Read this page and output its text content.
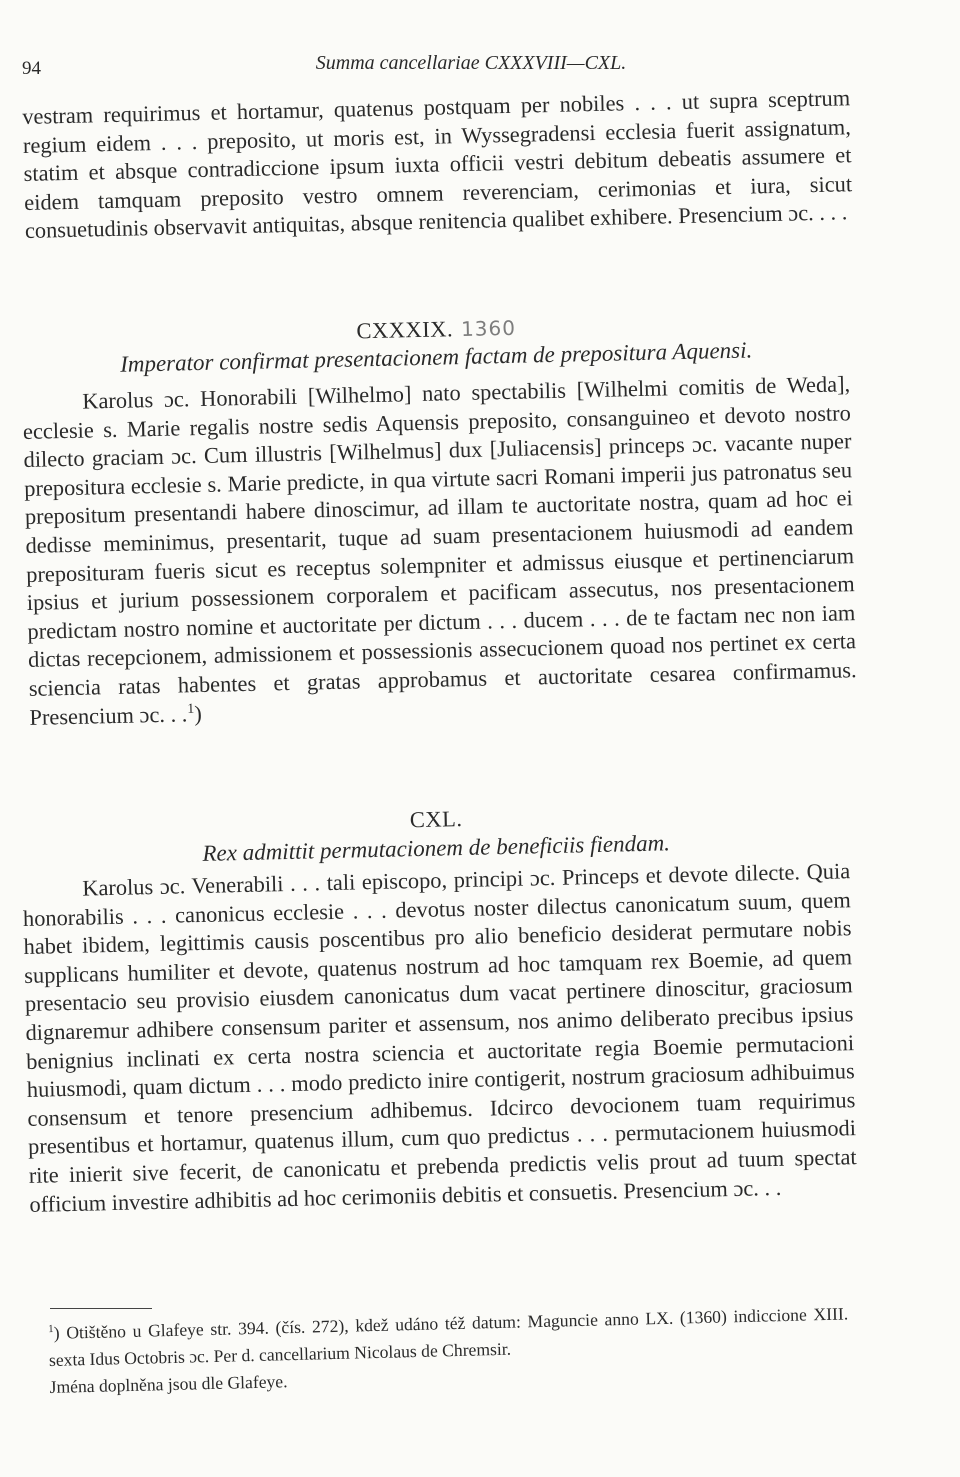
94	Summa cancellariae CXXXVIII—CXL.

vestram requirimus et hortamur, quatenus postquam per nobiles . . . ut supra sceptrum regium eidem . . . preposito, ut moris est, in Wyssegradensi ecclesia fuerit assignatum, statim et absque contradiccione ipsum iuxta officii vestri debitum debeatis assumere et eidem tamquam preposito vestro omnem reverenciam, cerimonias et iura, sicut consuetudinis observavit antiquitas, absque renitencia qualibet exhibere. Presencium ɔc. . . .

CXXXIX. 1360
Imperator confirmat presentacionem factam de prepositura Aquensi.

Karolus ɔc. Honorabili [Wilhelmo] nato spectabilis [Wilhelmi comitis de Weda], ecclesie s. Marie regalis nostre sedis Aquensis preposito, consanguineo et devoto nostro dilecto graciam ɔc. Cum illustris [Wilhelmus] dux [Juliacensis] princeps ɔc. vacante nuper prepositura ecclesie s. Marie predicte, in qua virtute sacri Romani imperii jus patronatus seu prepositum presentandi habere dinoscimur, ad illam te auctoritate nostra, quam ad hoc ei dedisse meminimus, presentarit, tuque ad suam presentacionem huiusmodi ad eandem preposituram fueris sicut es receptus solempniter et admissus eiusque et pertinenciarum ipsius et jurium possessionem corporalem et pacificam assecutus, nos presentacionem predictam nostro nomine et auctoritate per dictum . . . ducem . . . de te factam nec non iam dictas recepcionem, admissionem et possessionis assecucionem quoad nos pertinet ex certa sciencia ratas habentes et gratas approbamus et auctoritate cesarea confirmamus. Presencium ɔc. . .$^1$)

CXL.
Rex admittit permutacionem de beneficiis fiendam.

Karolus ɔc. Venerabili . . . tali episcopo, principi ɔc. Princeps et devote dilecte. Quia honorabilis . . . canonicus ecclesie . . . devotus noster dilectus canonicatum suum, quem habet ibidem, legittimis causis poscentibus pro alio beneficio desiderat permutare nobis supplicans humiliter et devote, quatenus nostrum ad hoc tamquam rex Boemie, ad quem presentacio seu provisio eiusdem canonicatus dum vacat pertinere dinoscitur, graciosum dignaremur adhibere consensum pariter et assensum, nos animo deliberato precibus ipsius benignius inclinati ex certa nostra sciencia et auctoritate regia Boemie permutacioni huiusmodi, quam dictum . . . modo predicto inire contigerit, nostrum graciosum adhibuimus consensum et tenore presencium adhibemus. Idcirco devocionem tuam requirimus presentibus et hortamur, quatenus illum, cum quo predictus . . . permutacionem huiusmodi rite inierit sive fecerit, de canonicatu et prebenda predictis velis prout ad tuum spectat officium investire adhibitis ad hoc cerimoniis debitis et consuetis. Presencium ɔc. . .

$^1$) Otištěno u Glafeye str. 394. (čís. 272), kdež udáno též datum: Maguncie anno LX. (1360) indiccione XIII. sexta Idus Octobris ɔc. Per d. cancellarium Nicolaus de Chremsir.

Jména doplněna jsou dle Glafeye.
